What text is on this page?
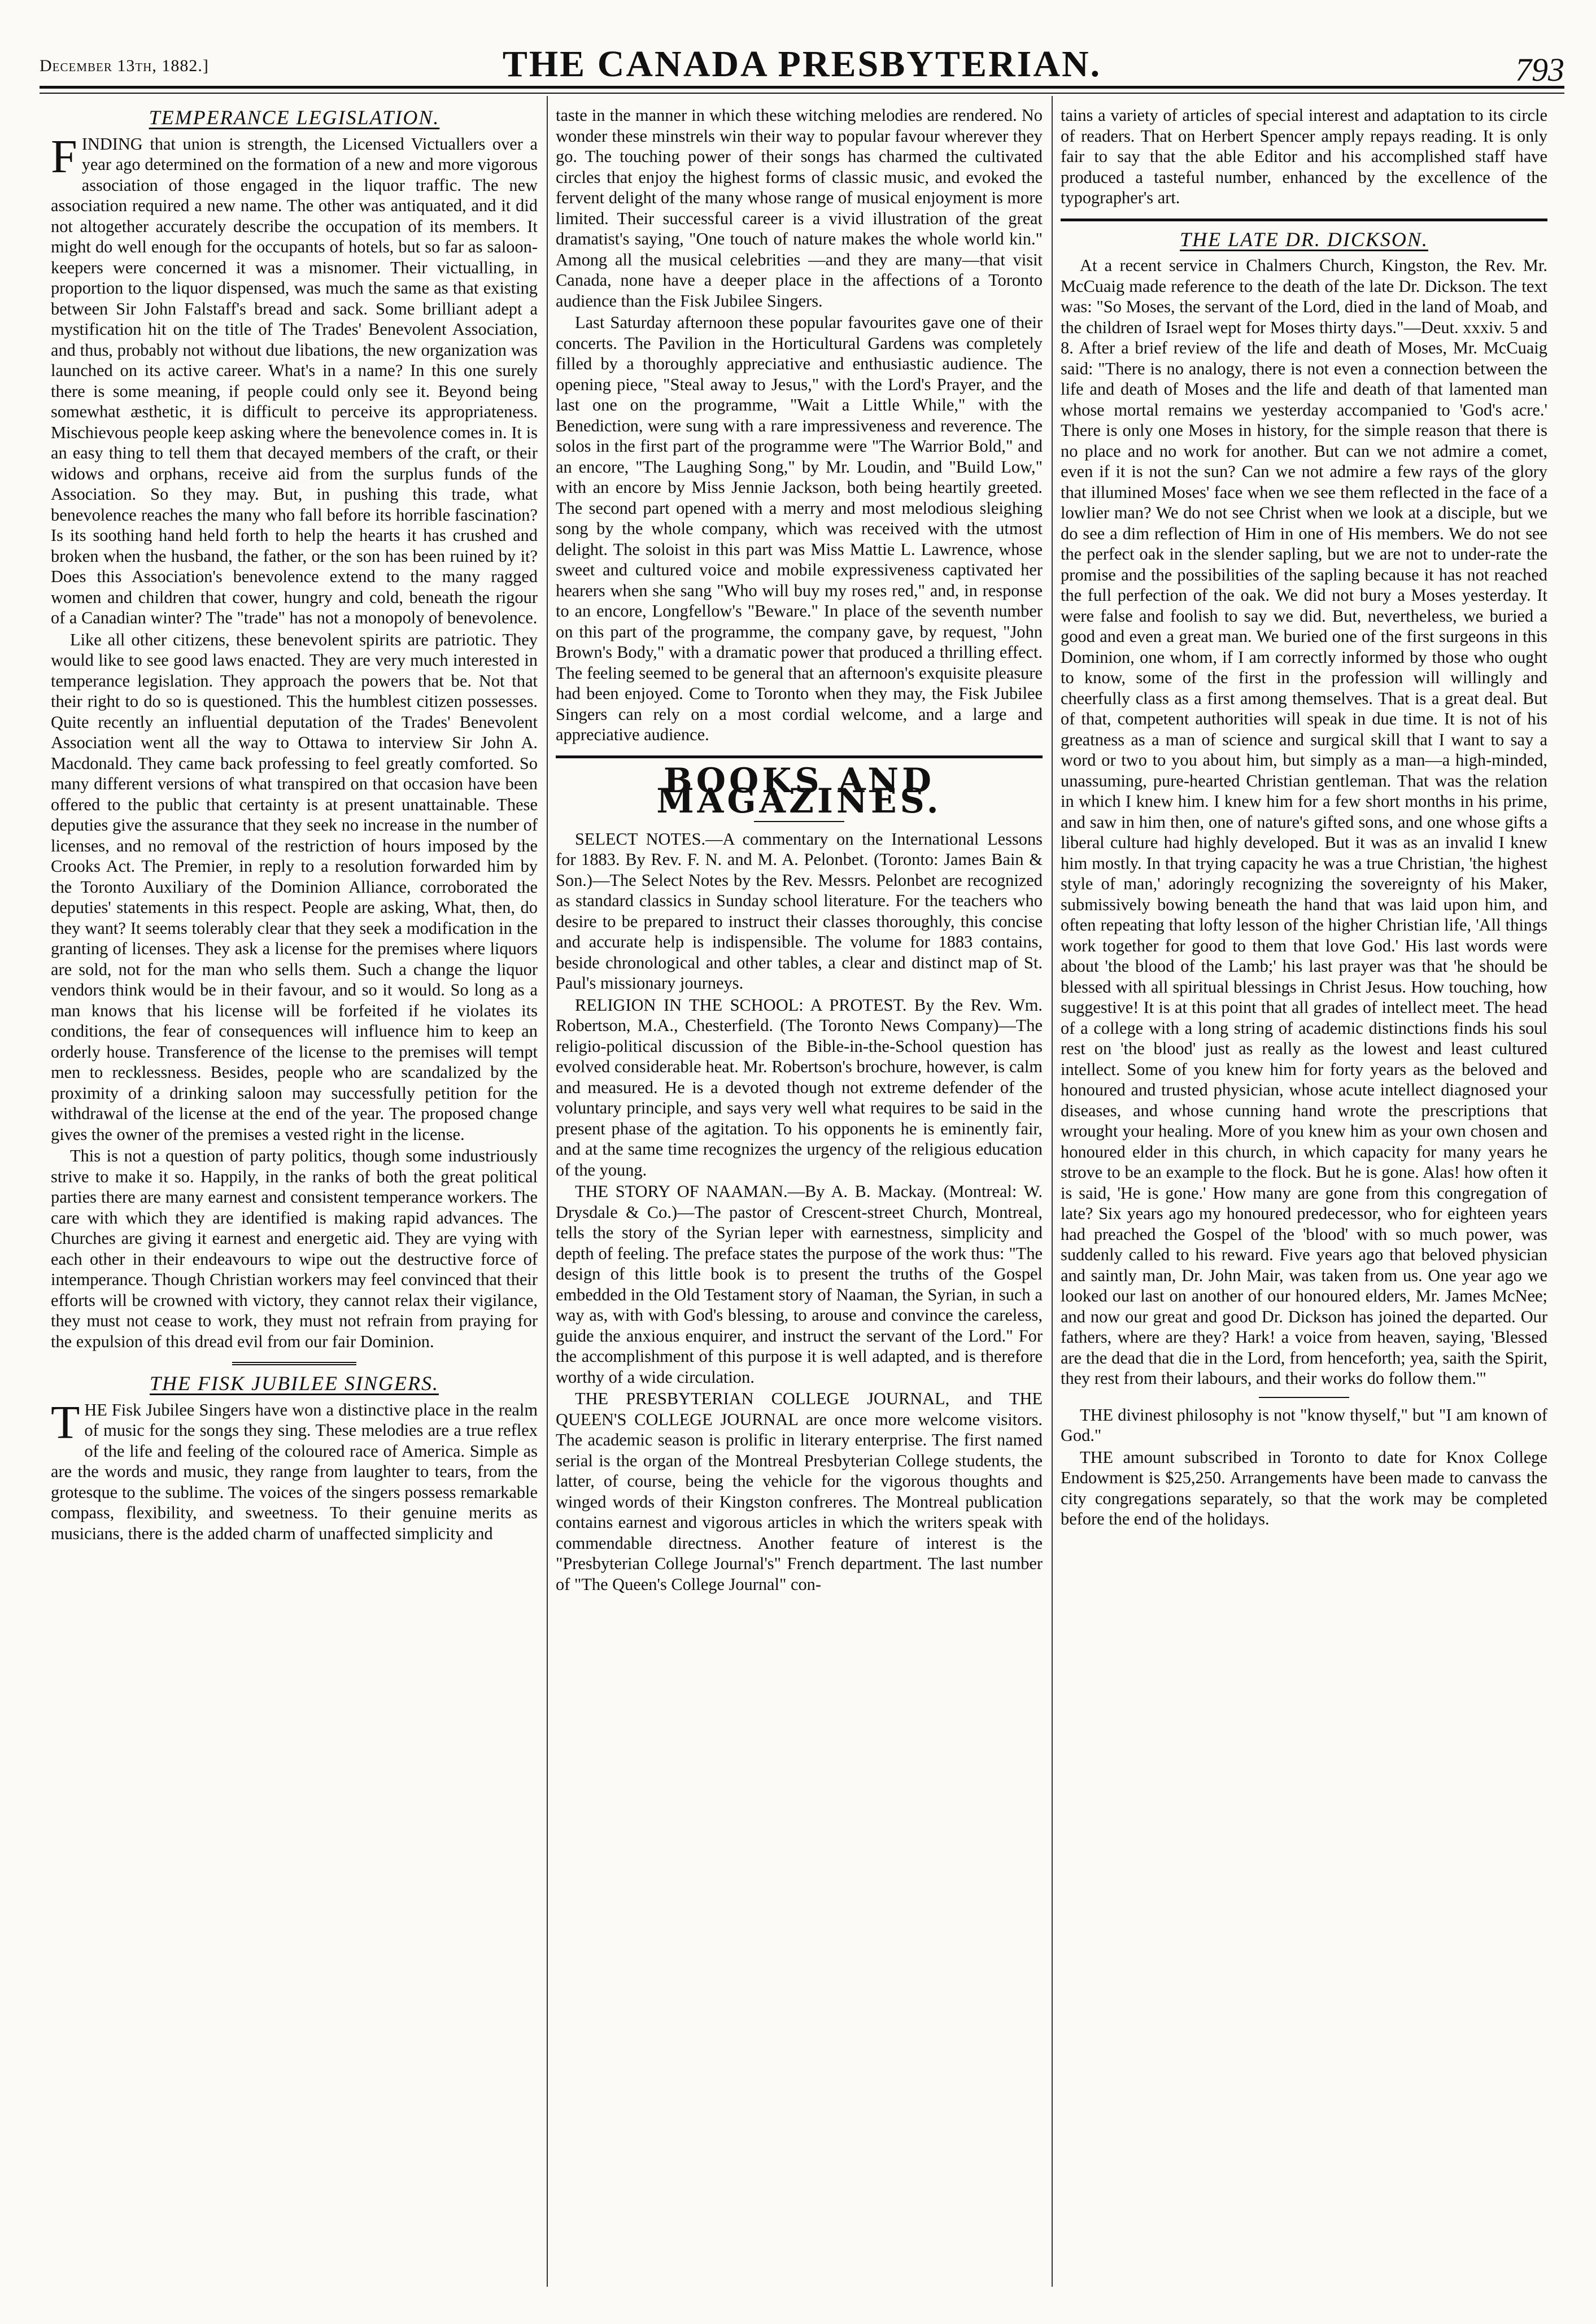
December 13th, 1882.]	THE CANADA PRESBYTERIAN.	793
TEMPERANCE LEGISLATION.

FINDING that union is strength, the Licensed Victuallers over a year ago determined on the formation of a new and more vigorous association of those engaged in the liquor traffic. The new association required a new name. The other was antiquated, and it did not altogether accurately describe the occupation of its members. It might do well enough for the occupants of hotels, but so far as saloon-keepers were concerned it was a misnomer. Their victualling, in proportion to the liquor dispensed, was much the same as that existing between Sir John Falstaff's bread and sack. Some brilliant adept a mystification hit on the title of The Trades' Benevolent Association, and thus, probably not without due libations, the new organization was launched on its active career. What's in a name? In this one surely there is some meaning, if people could only see it. Beyond being somewhat æsthetic, it is difficult to perceive its appropriateness. Mischievous people keep asking where the benevolence comes in. It is an easy thing to tell them that decayed members of the craft, or their widows and orphans, receive aid from the surplus funds of the Association. So they may. But, in pushing this trade, what benevolence reaches the many who fall before its horrible fascination? Is its soothing hand held forth to help the hearts it has crushed and broken when the husband, the father, or the son has been ruined by it? Does this Association's benevolence extend to the many ragged women and children that cower, hungry and cold, beneath the rigour of a Canadian winter? The "trade" has not a monopoly of benevolence.

Like all other citizens, these benevolent spirits are patriotic. They would like to see good laws enacted. They are very much interested in temperance legislation. They approach the powers that be. Not that their right to do so is questioned. This the humblest citizen possesses. Quite recently an influential deputation of the Trades' Benevolent Association went all the way to Ottawa to interview Sir John A. Macdonald. They came back professing to feel greatly comforted. So many different versions of what transpired on that occasion have been offered to the public that certainty is at present unattainable. These deputies give the assurance that they seek no increase in the number of licenses, and no removal of the restriction of hours imposed by the Crooks Act. The Premier, in reply to a resolution forwarded him by the Toronto Auxiliary of the Dominion Alliance, corroborated the deputies' statements in this respect. People are asking, What, then, do they want? It seems tolerably clear that they seek a modification in the granting of licenses. They ask a license for the premises where liquors are sold, not for the man who sells them. Such a change the liquor vendors think would be in their favour, and so it would. So long as a man knows that his license will be forfeited if he violates its conditions, the fear of consequences will influence him to keep an orderly house. Transference of the license to the premises will tempt men to recklessness. Besides, people who are scandalized by the proximity of a drinking saloon may successfully petition for the withdrawal of the license at the end of the year. The proposed change gives the owner of the premises a vested right in the license.

This is not a question of party politics, though some industriously strive to make it so. Happily, in the ranks of both the great political parties there are many earnest and consistent temperance workers. The care with which they are identified is making rapid advances. The Churches are giving it earnest and energetic aid. They are vying with each other in their endeavours to wipe out the destructive force of intemperance. Though Christian workers may feel convinced that their efforts will be crowned with victory, they cannot relax their vigilance, they must not cease to work, they must not refrain from praying for the expulsion of this dread evil from our fair Dominion.

THE FISK JUBILEE SINGERS.

THE Fisk Jubilee Singers have won a distinctive place in the realm of music for the songs they sing. These melodies are a true reflex of the life and feeling of the coloured race of America. Simple as are the words and music, they range from laughter to tears, from the grotesque to the sublime. The voices of the singers possess remarkable compass, flexibility, and sweetness. To their genuine merits as musicians, there is the added charm of unaffected simplicity and

taste in the manner in which these witching melodies are rendered. No wonder these minstrels win their way to popular favour wherever they go. The touching power of their songs has charmed the cultivated circles that enjoy the highest forms of classic music, and evoked the fervent delight of the many whose range of musical enjoyment is more limited. Their successful career is a vivid illustration of the great dramatist's saying, "One touch of nature makes the whole world kin." Among all the musical celebrities —and they are many—that visit Canada, none have a deeper place in the affections of a Toronto audience than the Fisk Jubilee Singers.

Last Saturday afternoon these popular favourites gave one of their concerts. The Pavilion in the Horticultural Gardens was completely filled by a thoroughly appreciative and enthusiastic audience. The opening piece, "Steal away to Jesus," with the Lord's Prayer, and the last one on the programme, "Wait a Little While," with the Benediction, were sung with a rare impressiveness and reverence. The solos in the first part of the programme were "The Warrior Bold," and an encore, "The Laughing Song," by Mr. Loudin, and "Build Low," with an encore by Miss Jennie Jackson, both being heartily greeted. The second part opened with a merry and most melodious sleighing song by the whole company, which was received with the utmost delight. The soloist in this part was Miss Mattie L. Lawrence, whose sweet and cultured voice and mobile expressiveness captivated her hearers when she sang "Who will buy my roses red," and, in response to an encore, Longfellow's "Beware." In place of the seventh number on this part of the programme, the company gave, by request, "John Brown's Body," with a dramatic power that produced a thrilling effect. The feeling seemed to be general that an afternoon's exquisite pleasure had been enjoyed. Come to Toronto when they may, the Fisk Jubilee Singers can rely on a most cordial welcome, and a large and appreciative audience.

BOOKS AND MAGAZINES.

SELECT NOTES.—A commentary on the International Lessons for 1883. By Rev. F. N. and M. A. Pelonbet. (Toronto: James Bain & Son.)—The Select Notes by the Rev. Messrs. Pelonbet are recognized as standard classics in Sunday school literature. For the teachers who desire to be prepared to instruct their classes thoroughly, this concise and accurate help is indispensible. The volume for 1883 contains, beside chronological and other tables, a clear and distinct map of St. Paul's missionary journeys.

RELIGION IN THE SCHOOL: A PROTEST. By the Rev. Wm. Robertson, M.A., Chesterfield. (The Toronto News Company)—The religio-political discussion of the Bible-in-the-School question has evolved considerable heat. Mr. Robertson's brochure, however, is calm and measured. He is a devoted though not extreme defender of the voluntary principle, and says very well what requires to be said in the present phase of the agitation. To his opponents he is eminently fair, and at the same time recognizes the urgency of the religious education of the young.

THE STORY OF NAAMAN.—By A. B. Mackay. (Montreal: W. Drysdale & Co.)—The pastor of Crescent-street Church, Montreal, tells the story of the Syrian leper with earnestness, simplicity and depth of feeling. The preface states the purpose of the work thus: "The design of this little book is to present the truths of the Gospel embedded in the Old Testament story of Naaman, the Syrian, in such a way as, with with God's blessing, to arouse and convince the careless, guide the anxious enquirer, and instruct the servant of the Lord." For the accomplishment of this purpose it is well adapted, and is therefore worthy of a wide circulation.

THE PRESBYTERIAN COLLEGE JOURNAL, and THE QUEEN'S COLLEGE JOURNAL are once more welcome visitors. The academic season is prolific in literary enterprise. The first named serial is the organ of the Montreal Presbyterian College students, the latter, of course, being the vehicle for the vigorous thoughts and winged words of their Kingston confreres. The Montreal publication contains earnest and vigorous articles in which the writers speak with commendable directness. Another feature of interest is the "Presbyterian College Journal's" French department. The last number of "The Queen's College Journal" con-

tains a variety of articles of special interest and adaptation to its circle of readers. That on Herbert Spencer amply repays reading. It is only fair to say that the able Editor and his accomplished staff have produced a tasteful number, enhanced by the excellence of the typographer's art.

THE LATE DR. DICKSON.

At a recent service in Chalmers Church, Kingston, the Rev. Mr. McCuaig made reference to the death of the late Dr. Dickson. The text was: "So Moses, the servant of the Lord, died in the land of Moab, and the children of Israel wept for Moses thirty days."—Deut. xxxiv. 5 and 8. After a brief review of the life and death of Moses, Mr. McCuaig said: "There is no analogy, there is not even a connection between the life and death of Moses and the life and death of that lamented man whose mortal remains we yesterday accompanied to 'God's acre.' There is only one Moses in history, for the simple reason that there is no place and no work for another. But can we not admire a comet, even if it is not the sun? Can we not admire a few rays of the glory that illumined Moses' face when we see them reflected in the face of a lowlier man? We do not see Christ when we look at a disciple, but we do see a dim reflection of Him in one of His members. We do not see the perfect oak in the slender sapling, but we are not to under-rate the promise and the possibilities of the sapling because it has not reached the full perfection of the oak. We did not bury a Moses yesterday. It were false and foolish to say we did. But, nevertheless, we buried a good and even a great man. We buried one of the first surgeons in this Dominion, one whom, if I am correctly informed by those who ought to know, some of the first in the profession will willingly and cheerfully class as a first among themselves. That is a great deal. But of that, competent authorities will speak in due time. It is not of his greatness as a man of science and surgical skill that I want to say a word or two to you about him, but simply as a man—a high-minded, unassuming, pure-hearted Christian gentleman. That was the relation in which I knew him. I knew him for a few short months in his prime, and saw in him then, one of nature's gifted sons, and one whose gifts a liberal culture had highly developed. But it was as an invalid I knew him mostly. In that trying capacity he was a true Christian, 'the highest style of man,' adoringly recognizing the sovereignty of his Maker, submissively bowing beneath the hand that was laid upon him, and often repeating that lofty lesson of the higher Christian life, 'All things work together for good to them that love God.' His last words were about 'the blood of the Lamb;' his last prayer was that 'he should be blessed with all spiritual blessings in Christ Jesus. How touching, how suggestive! It is at this point that all grades of intellect meet. The head of a college with a long string of academic distinctions finds his soul rest on 'the blood' just as really as the lowest and least cultured intellect. Some of you knew him for forty years as the beloved and honoured and trusted physician, whose acute intellect diagnosed your diseases, and whose cunning hand wrote the prescriptions that wrought your healing. More of you knew him as your own chosen and honoured elder in this church, in which capacity for many years he strove to be an example to the flock. But he is gone. Alas! how often it is said, 'He is gone.' How many are gone from this congregation of late? Six years ago my honoured predecessor, who for eighteen years had preached the Gospel of the 'blood' with so much power, was suddenly called to his reward. Five years ago that beloved physician and saintly man, Dr. John Mair, was taken from us. One year ago we looked our last on another of our honoured elders, Mr. James McNee; and now our great and good Dr. Dickson has joined the departed. Our fathers, where are they? Hark! a voice from heaven, saying, 'Blessed are the dead that die in the Lord, from henceforth; yea, saith the Spirit, they rest from their labours, and their works do follow them.'"

THE divinest philosophy is not "know thyself," but "I am known of God."

THE amount subscribed in Toronto to date for Knox College Endowment is $25,250. Arrangements have been made to canvass the city congregations separately, so that the work may be completed before the end of the holidays.
